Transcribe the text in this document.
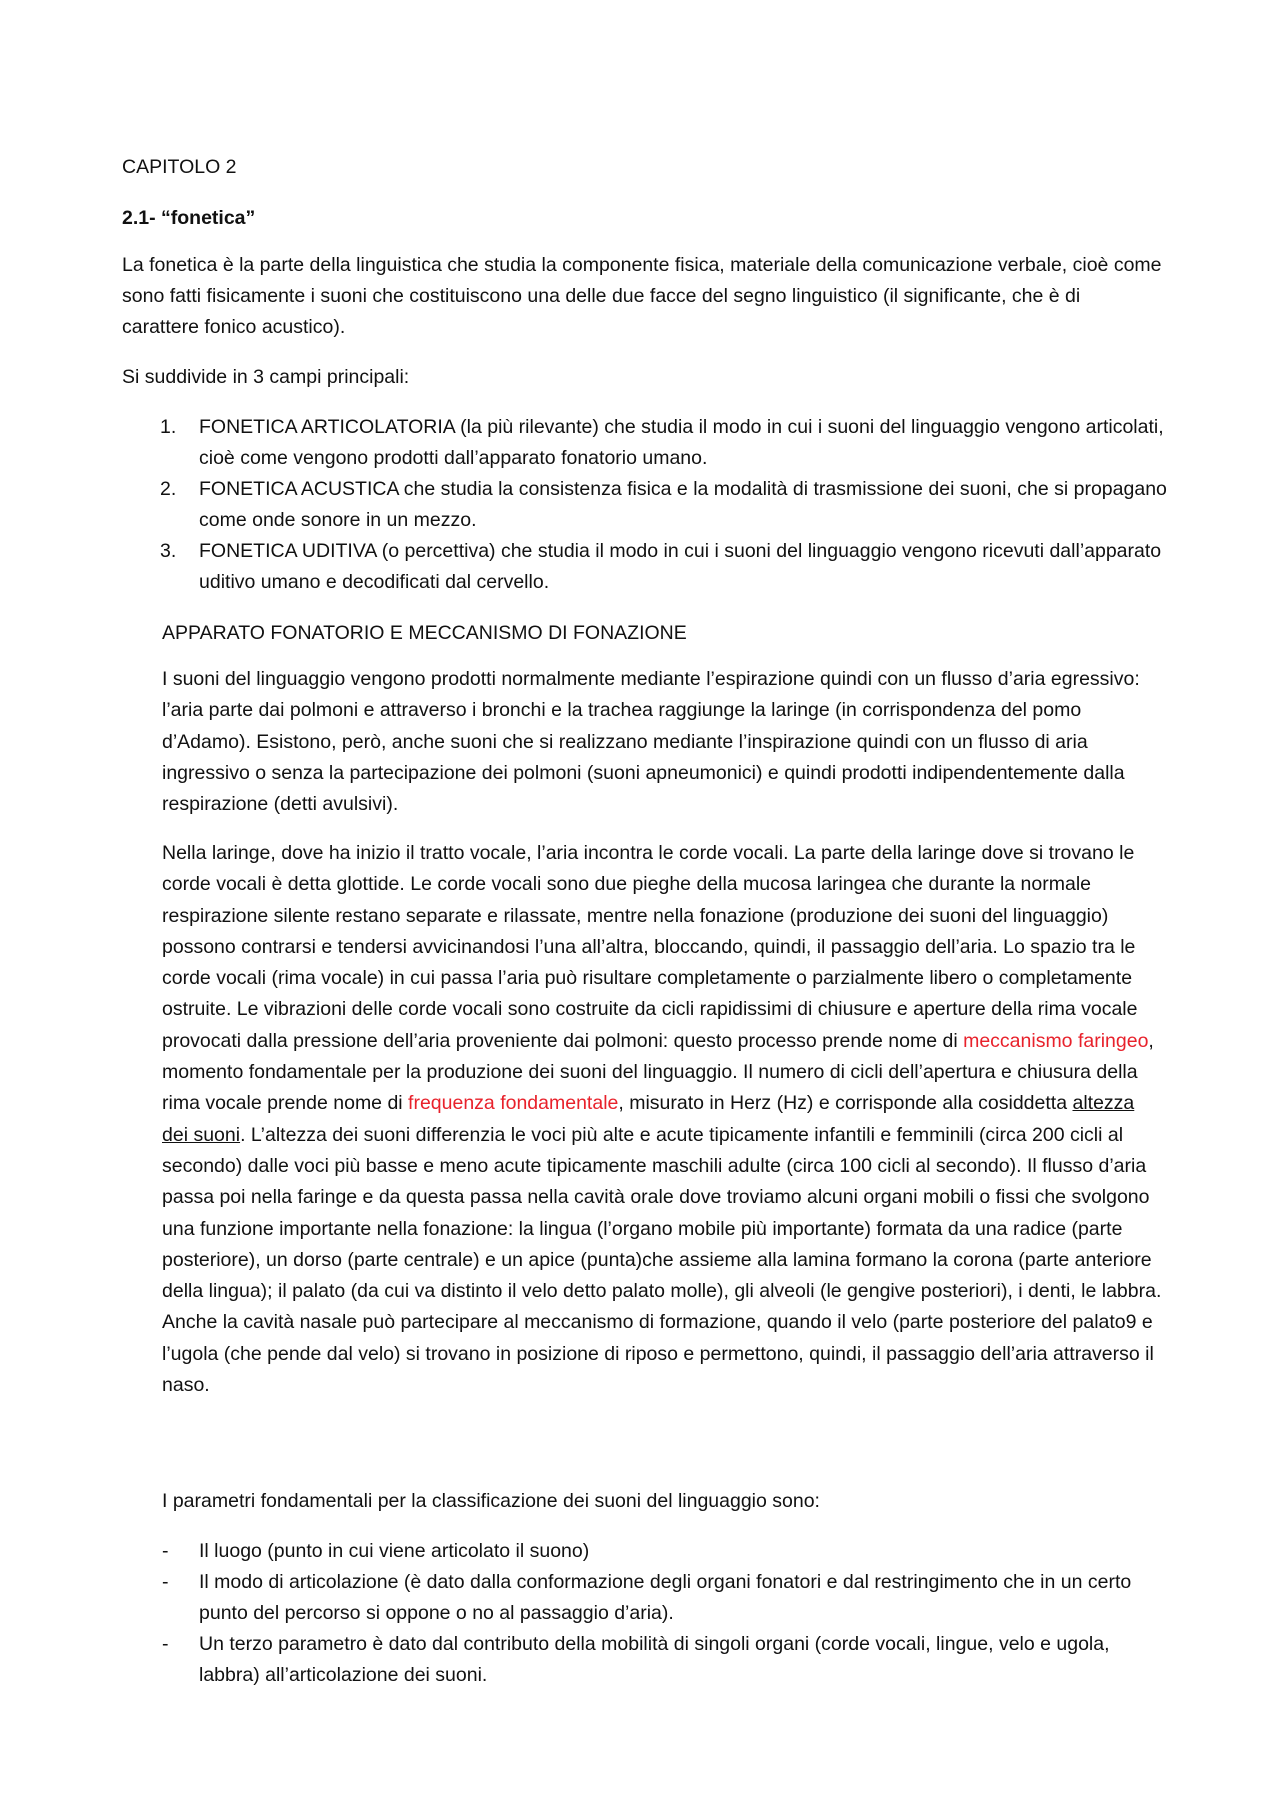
CAPITOLO 2
2.1- “fonetica”
La fonetica è la parte della linguistica che studia la componente fisica, materiale della comunicazione verbale, cioè come sono fatti fisicamente i suoni che costituiscono una delle due facce del segno linguistico (il significante, che è di carattere fonico acustico).
Si suddivide in 3 campi principali:
1. FONETICA ARTICOLATORIA (la più rilevante) che studia il modo in cui i suoni del linguaggio vengono articolati, cioè come vengono prodotti dall’apparato fonatorio umano.
2. FONETICA ACUSTICA che studia la consistenza fisica e la modalità di trasmissione dei suoni, che si propagano come onde sonore in un mezzo.
3. FONETICA UDITIVA (o percettiva) che studia il modo in cui i suoni del linguaggio vengono ricevuti dall’apparato uditivo umano e decodificati dal cervello.
APPARATO FONATORIO E MECCANISMO DI FONAZIONE

I suoni del linguaggio vengono prodotti normalmente mediante l’espirazione quindi con un flusso d’aria egressivo: l’aria parte dai polmoni e attraverso i bronchi e la trachea raggiunge la laringe (in corrispondenza del pomo d’Adamo). Esistono, però, anche suoni che si realizzano mediante l’inspirazione quindi con un flusso di aria ingressivo o senza la partecipazione dei polmoni (suoni apneumonici) e quindi prodotti indipendentemente dalla respirazione (detti avulsivi).

Nella laringe, dove ha inizio il tratto vocale, l’aria incontra le corde vocali. La parte della laringe dove si trovano le corde vocali è detta glottide. Le corde vocali sono due pieghe della mucosa laringea che durante la normale respirazione silente restano separate e rilassate, mentre nella fonazione (produzione dei suoni del linguaggio) possono contrarsi e tendersi avvicinandosi l’una all’altra, bloccando, quindi, il passaggio dell’aria. Lo spazio tra le corde vocali (rima vocale) in cui passa l’aria può risultare completamente o parzialmente libero o completamente ostruite. Le vibrazioni delle corde vocali sono costruite da cicli rapidissimi di chiusure e aperture della rima vocale provocati dalla pressione dell’aria proveniente dai polmoni: questo processo prende nome di meccanismo faringeo, momento fondamentale per la produzione dei suoni del linguaggio. Il numero di cicli dell’apertura e chiusura della rima vocale prende nome di frequenza fondamentale, misurato in Herz (Hz) e corrisponde alla cosiddetta altezza dei suoni. L’altezza dei suoni differenzia le voci più alte e acute tipicamente infantili e femminili (circa 200 cicli al secondo) dalle voci più basse e meno acute tipicamente maschili adulte (circa 100 cicli al secondo). Il flusso d’aria passa poi nella faringe e da questa passa nella cavità orale dove troviamo alcuni organi mobili o fissi che svolgono una funzione importante nella fonazione: la lingua (l’organo mobile più importante) formata da una radice (parte posteriore), un dorso (parte centrale) e un apice (punta)che assieme alla lamina formano la corona (parte anteriore della lingua); il palato (da cui va distinto il velo detto palato molle), gli alveoli (le gengive posteriori), i denti, le labbra. Anche la cavità nasale può partecipare al meccanismo di formazione, quando il velo (parte posteriore del palato9 e l’ugola (che pende dal velo) si trovano in posizione di riposo e permettono, quindi, il passaggio dell’aria attraverso il naso.

I parametri fondamentali per la classificazione dei suoni del linguaggio sono:

- Il luogo (punto in cui viene articolato il suono)
- Il modo di articolazione (è dato dalla conformazione degli organi fonatori e dal restringimento che in un certo punto del percorso si oppone o no al passaggio d’aria).
- Un terzo parametro è dato dal contributo della mobilità di singoli organi (corde vocali, lingue, velo e ugola, labbra) all’articolazione dei suoni.
